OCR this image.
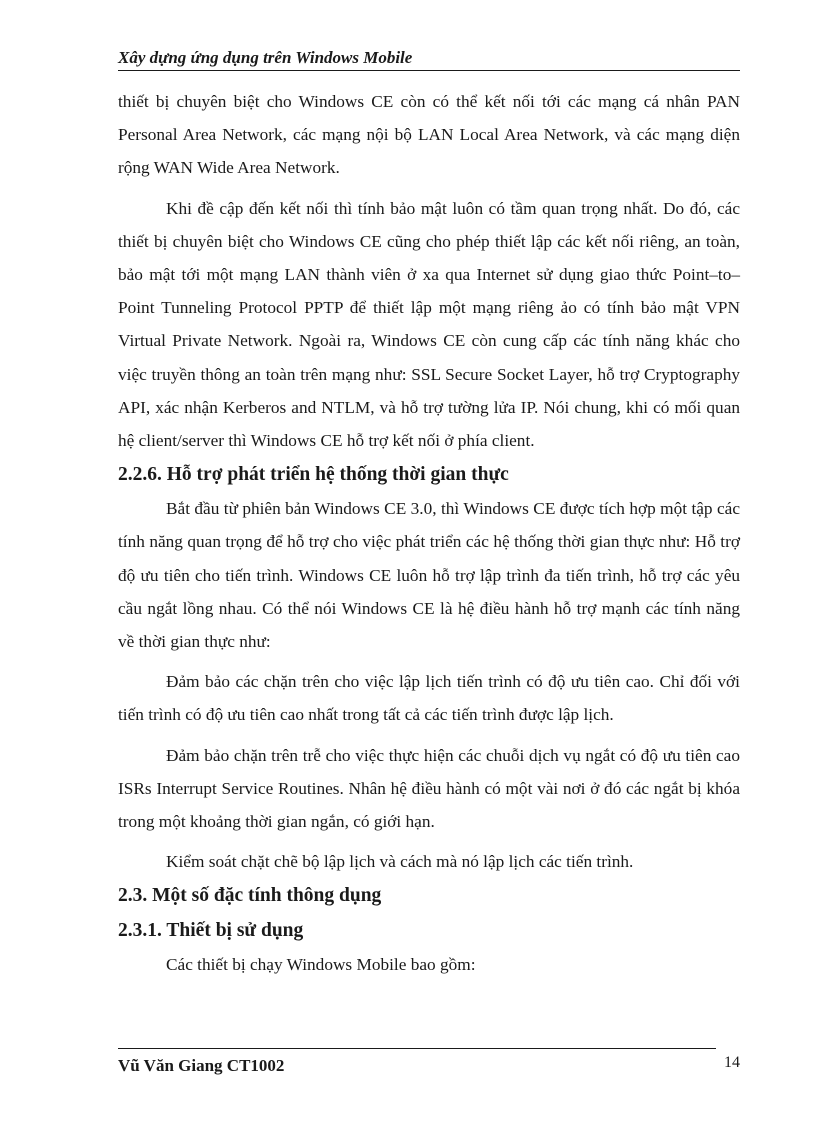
Xây dựng ứng dụng trên Windows Mobile

thiết bị chuyên biệt cho Windows CE còn có thể kết nối tới các mạng cá nhân PAN Personal Area Network, các mạng nội bộ LAN Local Area Network, và các mạng diện rộng WAN Wide Area Network.

Khi đề cập đến kết nối thì tính bảo mật luôn có tầm quan trọng nhất. Do đó, các thiết bị chuyên biệt cho Windows CE cũng cho phép thiết lập các kết nối riêng, an toàn, bảo mật tới một mạng LAN thành viên ở xa qua Internet sử dụng giao thức Point–to–Point Tunneling Protocol PPTP để thiết lập một mạng riêng ảo có tính bảo mật VPN Virtual Private Network. Ngoài ra, Windows CE còn cung cấp các tính năng khác cho việc truyền thông an toàn trên mạng như: SSL Secure Socket Layer, hỗ trợ Cryptography API, xác nhận Kerberos and NTLM, và hỗ trợ tường lửa IP. Nói chung, khi có mối quan hệ client/server thì Windows CE hỗ trợ kết nối ở phía client.

2.2.6. Hỗ trợ phát triển hệ thống thời gian thực

Bắt đầu từ phiên bản Windows CE 3.0, thì Windows CE được tích hợp một tập các tính năng quan trọng để hỗ trợ cho việc phát triển các hệ thống thời gian thực như: Hỗ trợ độ ưu tiên cho tiến trình. Windows CE luôn hỗ trợ lập trình đa tiến trình, hỗ trợ các yêu cầu ngắt lồng nhau. Có thể nói Windows CE là hệ điều hành hỗ trợ mạnh các tính năng về thời gian thực như:

Đảm bảo các chặn trên cho việc lập lịch tiến trình có độ ưu tiên cao. Chỉ đối với tiến trình có độ ưu tiên cao nhất trong tất cả các tiến trình được lập lịch.

Đảm bảo chặn trên trễ cho việc thực hiện các chuỗi dịch vụ ngắt có độ ưu tiên cao ISRs Interrupt Service Routines. Nhân hệ điều hành có một vài nơi ở đó các ngắt bị khóa trong một khoảng thời gian ngắn, có giới hạn.

Kiểm soát chặt chẽ bộ lập lịch và cách mà nó lập lịch các tiến trình.

2.3. Một số đặc tính thông dụng
2.3.1. Thiết bị sử dụng

Các thiết bị chạy Windows Mobile bao gồm:

Vũ Văn Giang CT1002	14
